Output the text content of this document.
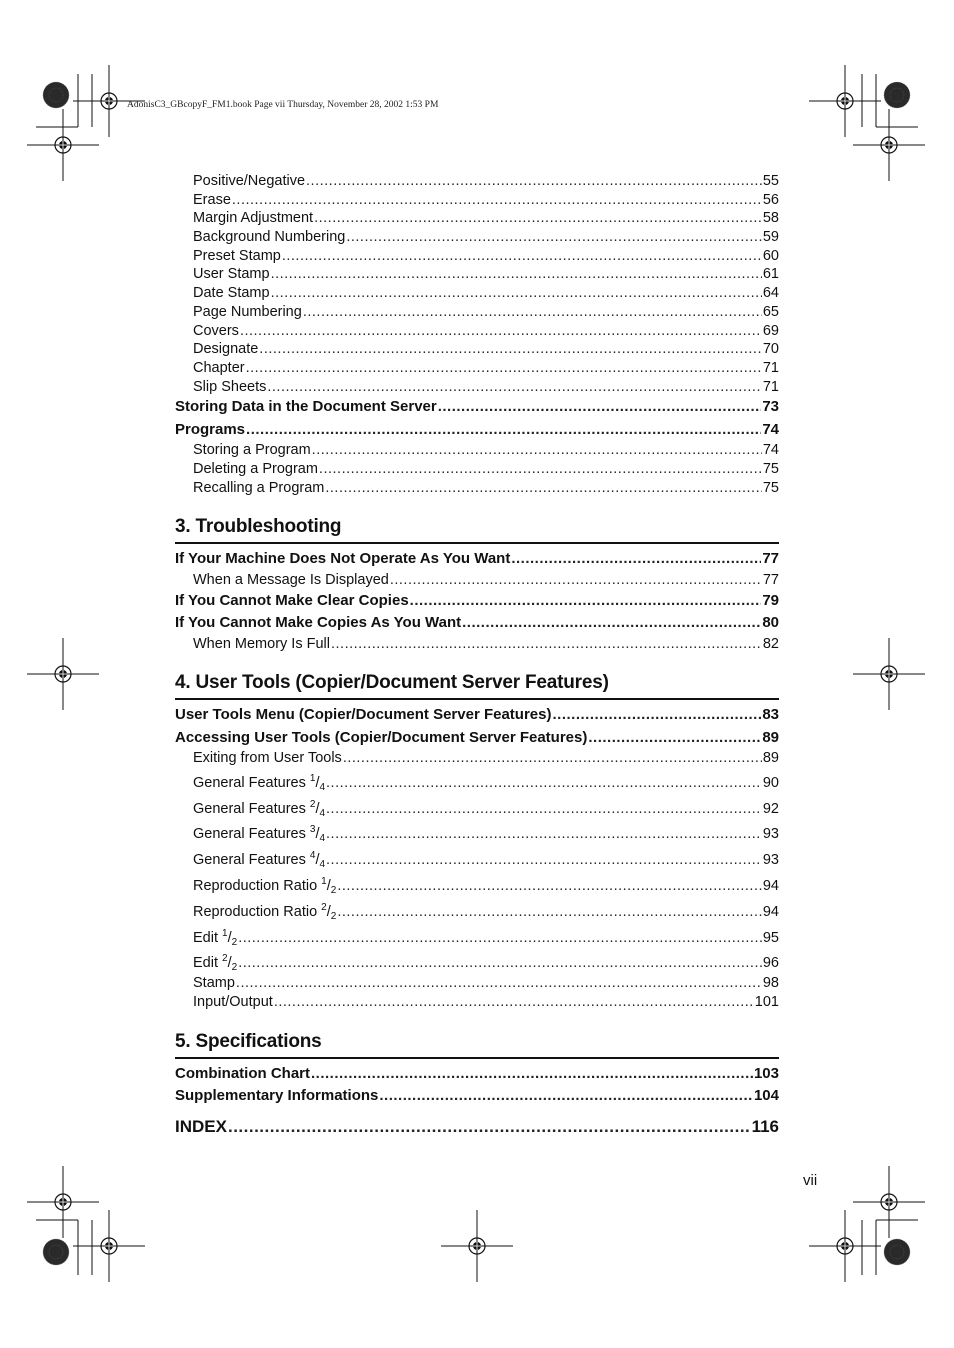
AdonisC3_GBcopyF_FM1.book Page vii Thursday, November 28, 2002 1:53 PM
Positive/Negative .....	55
Erase .....	56
Margin Adjustment .....	58
Background Numbering .....	59
Preset Stamp .....	60
User Stamp .....	61
Date Stamp .....	64
Page Numbering .....	65
Covers .....	69
Designate .....	70
Chapter .....	71
Slip Sheets .....	71
Storing Data in the Document Server .....	73
Programs .....	74
Storing a Program .....	74
Deleting a Program .....	75
Recalling a Program .....	75
3. Troubleshooting
If Your Machine Does Not Operate As You Want .....	77
When a Message Is Displayed .....	77
If You Cannot Make Clear Copies .....	79
If You Cannot Make Copies As You Want .....	80
When Memory Is Full .....	82
4. User Tools (Copier/Document Server Features)
User Tools Menu (Copier/Document Server Features) .....	83
Accessing User Tools (Copier/Document Server Features) .....	89
Exiting from User Tools .....	89
General Features $^1/_4$ .....	90
General Features $^2/_4$ .....	92
General Features $^3/_4$ .....	93
General Features $^4/_4$ .....	93
Reproduction Ratio $^1/_2$ .....	94
Reproduction Ratio $^2/_2$ .....	94
Edit $^1/_2$ .....	95
Edit $^2/_2$ .....	96
Stamp .....	98
Input/Output .....	101
5. Specifications
Combination Chart .....	103
Supplementary Informations .....	104
INDEX .....	116
vii
